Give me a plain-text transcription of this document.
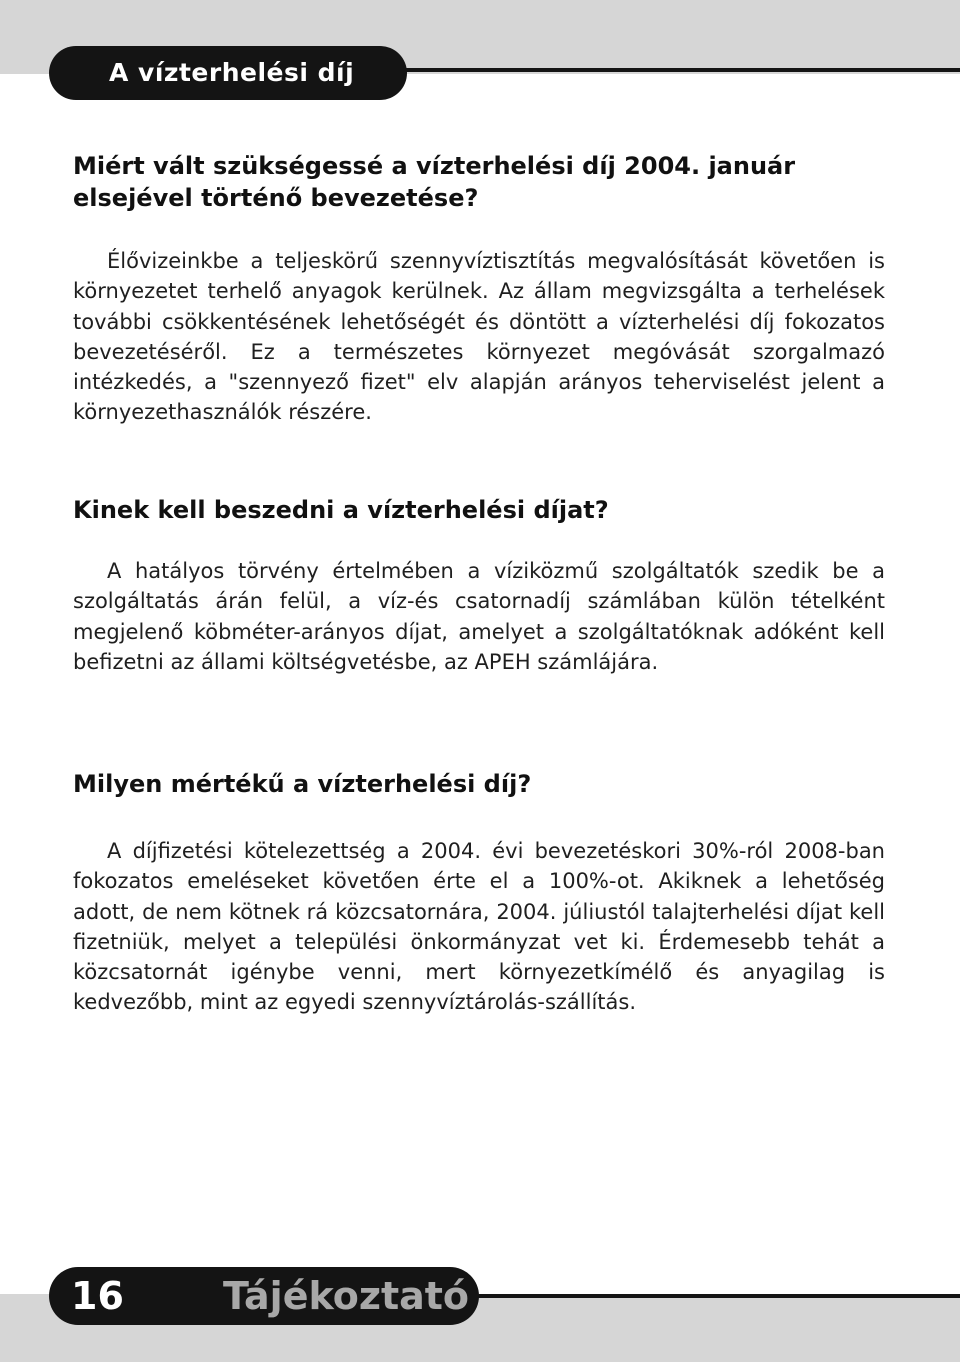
A vízterhelési díj
Miért vált szükségessé a vízterhelési díj 2004. január elsejével történő bevezetése?

Élővizeinkbe a teljeskörű szennyvíztisztítás megvalósítását követően is környezetet terhelő anyagok kerülnek. Az állam megvizsgálta a terhelések további csökkentésének lehetőségét és döntött a vízterhelési díj fokozatos bevezetéséről. Ez a természetes környezet megóvását szorgalmazó intézkedés, a "szennyező fizet" elv alapján arányos teherviselést jelent a környezethasználók részére.

Kinek kell beszedni a vízterhelési díjat?

A hatályos törvény értelmében a víziközmű szolgáltatók szedik be a szolgáltatás árán felül, a víz-és csatornadíj számlában külön tételként megjelenő köbméter-arányos díjat, amelyet a szolgáltatóknak adóként kell befizetni az állami költségvetésbe, az APEH számlájára.

Milyen mértékű a vízterhelési díj?

A díjfizetési kötelezettség a 2004. évi bevezetéskori 30%-ról 2008-ban fokozatos emeléseket követően érte el a 100%-ot. Akiknek a lehetőség adott, de nem kötnek rá közcsatornára, 2004. júliustól talajterhelési díjat kell fizetniük, melyet a települési önkormányzat vet ki. Érdemesebb tehát a közcsatornát igénybe venni, mert környezetkímélő és anyagilag is kedvezőbb, mint az egyedi szennyvíztárolás-szállítás.

16	Tájékoztató
